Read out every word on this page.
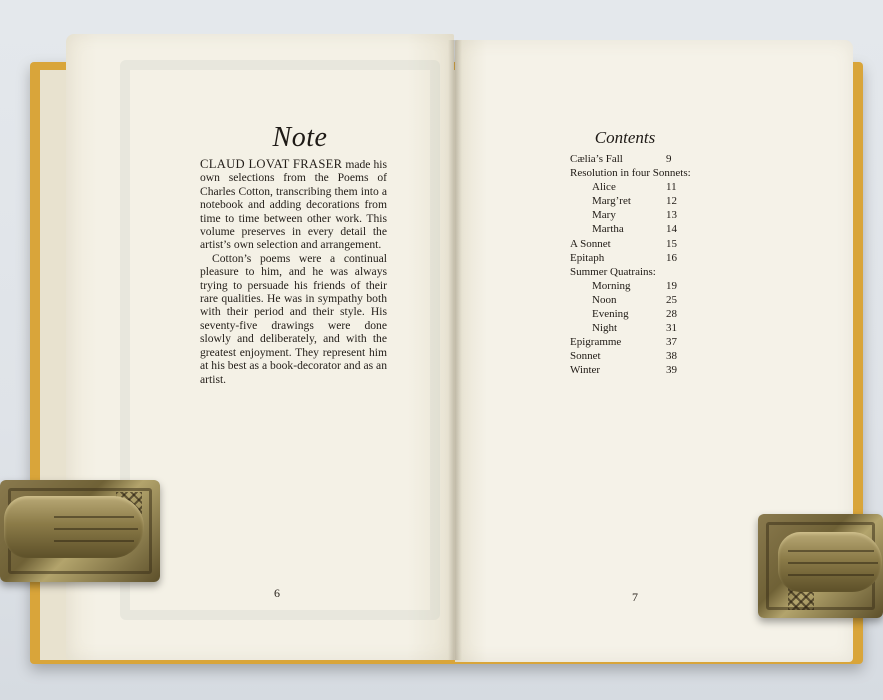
Note

CLAUD LOVAT FRASER made his own selections from the Poems of Charles Cotton, transcribing them into a notebook and adding decorations from time to time between other work. This volume preserves in every detail the artist’s own selection and arrangement.

Cotton’s poems were a continual pleasure to him, and he was always trying to persuade his friends of their rare qualities. He was in sympathy both with their period and their style. His seventy-five drawings were done slowly and deliberately, and with the greatest enjoyment. They represent him at his best as a book-decorator and as an artist.

6
Contents
Cælia’s Fall	9
Resolution in four Sonnets:
Alice	11
Marg’ret	12
Mary	13
Martha	14
A Sonnet	15
Epitaph	16
Summer Quatrains:
Morning	19
Noon	25
Evening	28
Night	31
Epigramme	37
Sonnet	38
Winter	39
7
